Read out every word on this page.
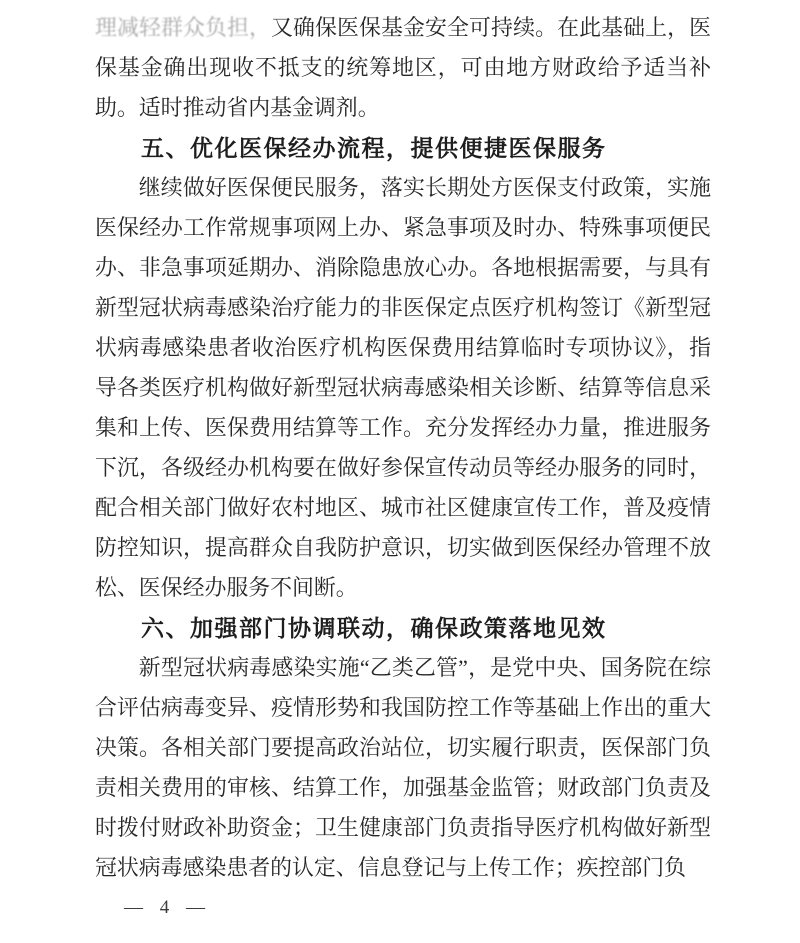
理减轻群众负担，又确保医保基金安全可持续。在此基础上，医保基金确出现收不抵支的统筹地区，可由地方财政给予适当补助。适时推动省内基金调剂。

五、优化医保经办流程，提供便捷医保服务

继续做好医保便民服务，落实长期处方医保支付政策，实施医保经办工作常规事项网上办、紧急事项及时办、特殊事项便民办、非急事项延期办、消除隐患放心办。各地根据需要，与具有新型冠状病毒感染治疗能力的非医保定点医疗机构签订《新型冠状病毒感染患者收治医疗机构医保费用结算临时专项协议》，指导各类医疗机构做好新型冠状病毒感染相关诊断、结算等信息采集和上传、医保费用结算等工作。充分发挥经办力量，推进服务下沉，各级经办机构要在做好参保宣传动员等经办服务的同时，配合相关部门做好农村地区、城市社区健康宣传工作，普及疫情防控知识，提高群众自我防护意识，切实做到医保经办管理不放松、医保经办服务不间断。

六、加强部门协调联动，确保政策落地见效

新型冠状病毒感染实施“乙类乙管”，是党中央、国务院在综合评估病毒变异、疫情形势和我国防控工作等基础上作出的重大决策。各相关部门要提高政治站位，切实履行职责，医保部门负责相关费用的审核、结算工作，加强基金监管；财政部门负责及时拨付财政补助资金；卫生健康部门负责指导医疗机构做好新型冠状病毒感染患者的认定、信息登记与上传工作；疾控部门负

— 4 —
